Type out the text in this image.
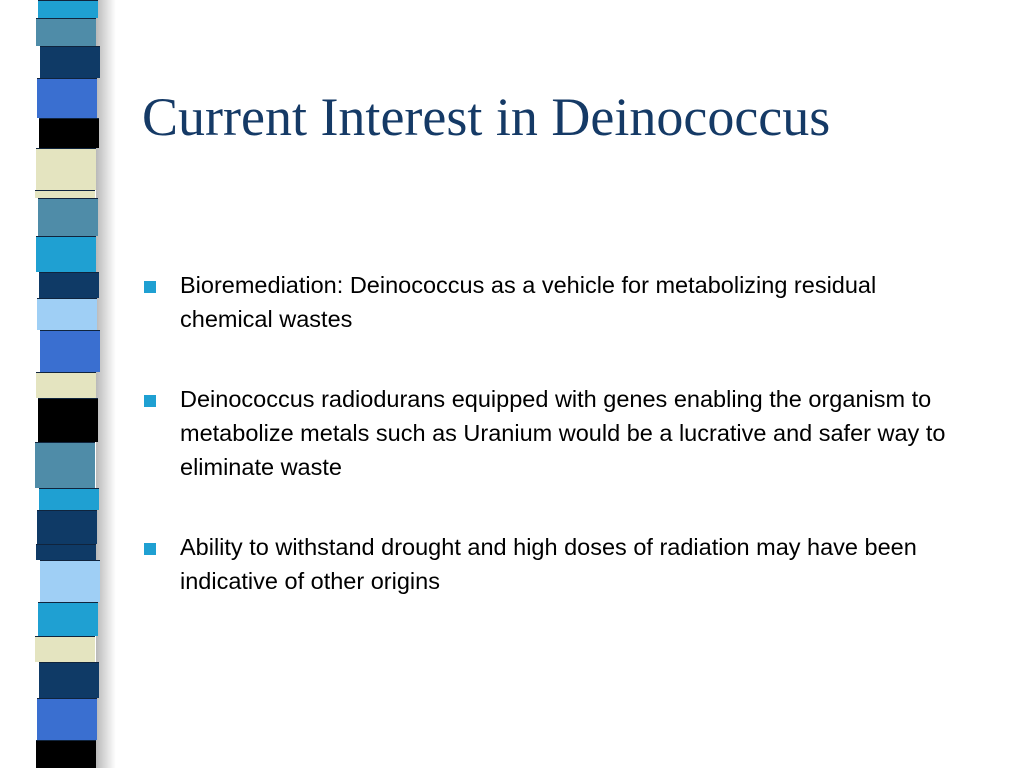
Current Interest in Deinococcus
Bioremediation: Deinococcus as a vehicle for metabolizing residual chemical wastes
Deinococcus radiodurans equipped with genes enabling the organism to metabolize metals such as Uranium would be a lucrative and safer way to eliminate waste
Ability to withstand drought and high doses of radiation may have been indicative of other origins
